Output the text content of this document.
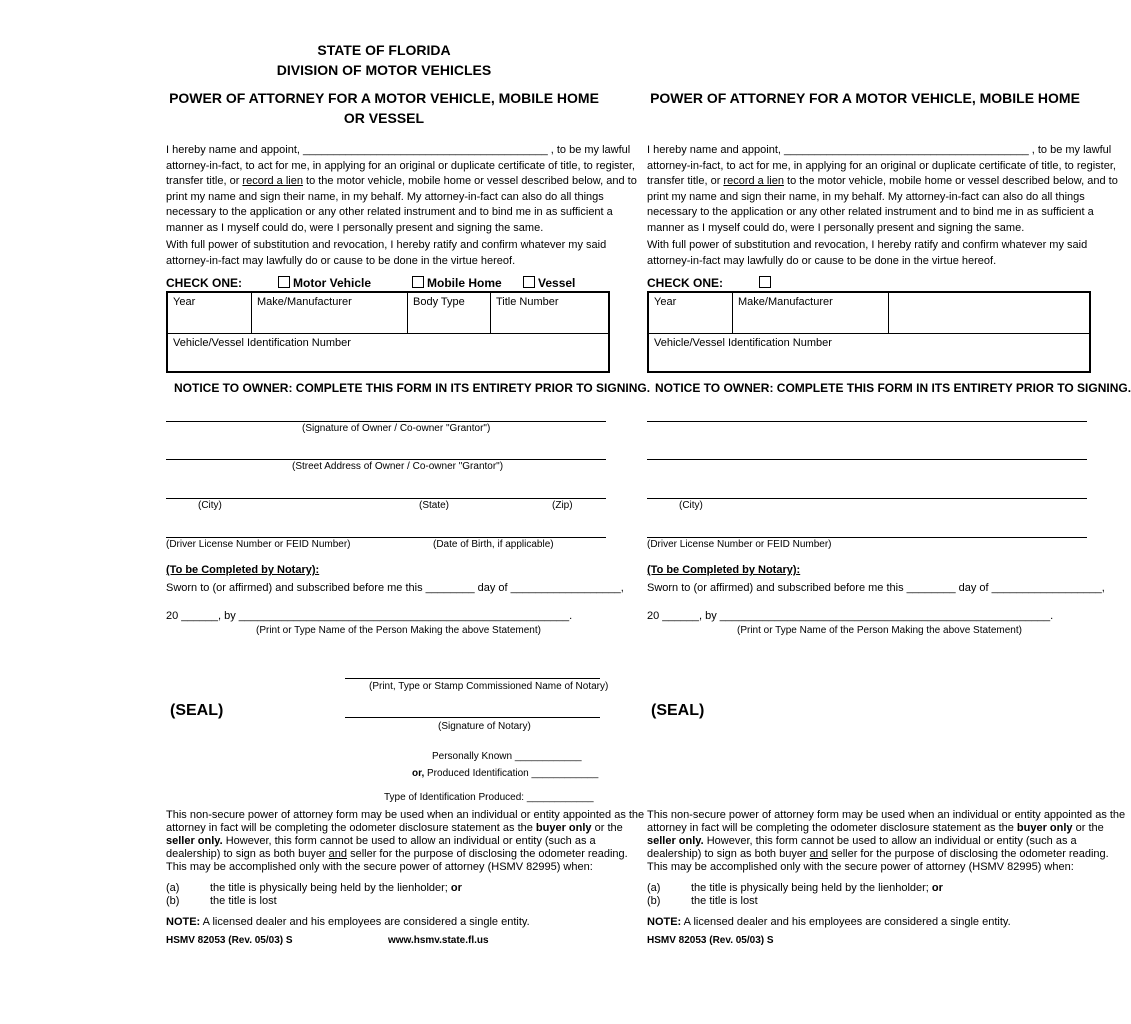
STATE OF FLORIDA
DIVISION OF MOTOR VEHICLES
POWER OF ATTORNEY FOR A MOTOR VEHICLE, MOBILE HOME
OR VESSEL
I hereby name and appoint, ________________________________________ , to be my lawful
attorney-in-fact, to act for me, in applying for an original or duplicate certificate of title, to register,
transfer title, or record a lien to the motor vehicle, mobile home or vessel described below, and to
print my name and sign their name, in my behalf. My attorney-in-fact can also do all things
necessary to the application or any other related instrument and to bind me in as sufficient a
manner as I myself could do, were I personally present and signing the same.
With full power of substitution and revocation, I hereby ratify and confirm whatever my said
attorney-in-fact may lawfully do or cause to be done in the virtue hereof.
CHECK ONE:	Motor Vehicle	Mobile Home	Vessel
Year	Make/Manufacturer	Body Type	Title Number
Vehicle/Vessel Identification Number
NOTICE TO OWNER: COMPLETE THIS FORM IN ITS ENTIRETY PRIOR TO SIGNING.
(Signature of Owner / Co-owner "Grantor")
(Street Address of Owner / Co-owner "Grantor")
(City)	(State)	(Zip)
(Driver License Number or FEID Number)	(Date of Birth, if applicable)
(To be Completed by Notary):
Sworn to (or affirmed) and subscribed before me this ________ day of __________________,
20 ______, by ______________________________________________________.
(Print or Type Name of the Person Making the above Statement)
(Print, Type or Stamp Commissioned Name of Notary)
(SEAL)
(Signature of Notary)
Personally Known ____________
or, Produced Identification ____________
Type of Identification Produced: ____________
This non-secure power of attorney form may be used when an individual or entity appointed as the
attorney in fact will be completing the odometer disclosure statement as the buyer only or the
seller only. However, this form cannot be used to allow an individual or entity (such as a
dealership) to sign as both buyer and seller for the purpose of disclosing the odometer reading.
This may be accomplished only with the secure power of attorney (HSMV 82995) when:
(a)	the title is physically being held by the lienholder; or
(b)	the title is lost
NOTE: A licensed dealer and his employees are considered a single entity.
HSMV 82053 (Rev. 05/03) S	www.hsmv.state.fl.us
POWER OF ATTORNEY FOR A MOTOR VEHICLE, MOBILE HOME
I hereby name and appoint, ________________________________________ , to be my lawful
attorney-in-fact, to act for me, in applying for an original or duplicate certificate of title, to register,
transfer title, or record a lien to the motor vehicle, mobile home or vessel described below, and to
print my name and sign their name, in my behalf. My attorney-in-fact can also do all things
necessary to the application or any other related instrument and to bind me in as sufficient a
manner as I myself could do, were I personally present and signing the same.
With full power of substitution and revocation, I hereby ratify and confirm whatever my said
attorney-in-fact may lawfully do or cause to be done in the virtue hereof.
CHECK ONE:
Year	Make/Manufacturer
Vehicle/Vessel Identification Number
NOTICE TO OWNER: COMPLETE THIS FORM IN ITS ENTIRETY PRIOR TO SIGNING.
(City)
(Driver License Number or FEID Number)
(To be Completed by Notary):
Sworn to (or affirmed) and subscribed before me this ________ day of __________________,
20 ______, by ______________________________________________________.
(Print or Type Name of the Person Making the above Statement)
(SEAL)
This non-secure power of attorney form may be used when an individual or entity appointed as the
attorney in fact will be completing the odometer disclosure statement as the buyer only or the
seller only. However, this form cannot be used to allow an individual or entity (such as a
dealership) to sign as both buyer and seller for the purpose of disclosing the odometer reading.
This may be accomplished only with the secure power of attorney (HSMV 82995) when:
(a)	the title is physically being held by the lienholder; or
(b)	the title is lost
NOTE: A licensed dealer and his employees are considered a single entity.
HSMV 82053 (Rev. 05/03) S
